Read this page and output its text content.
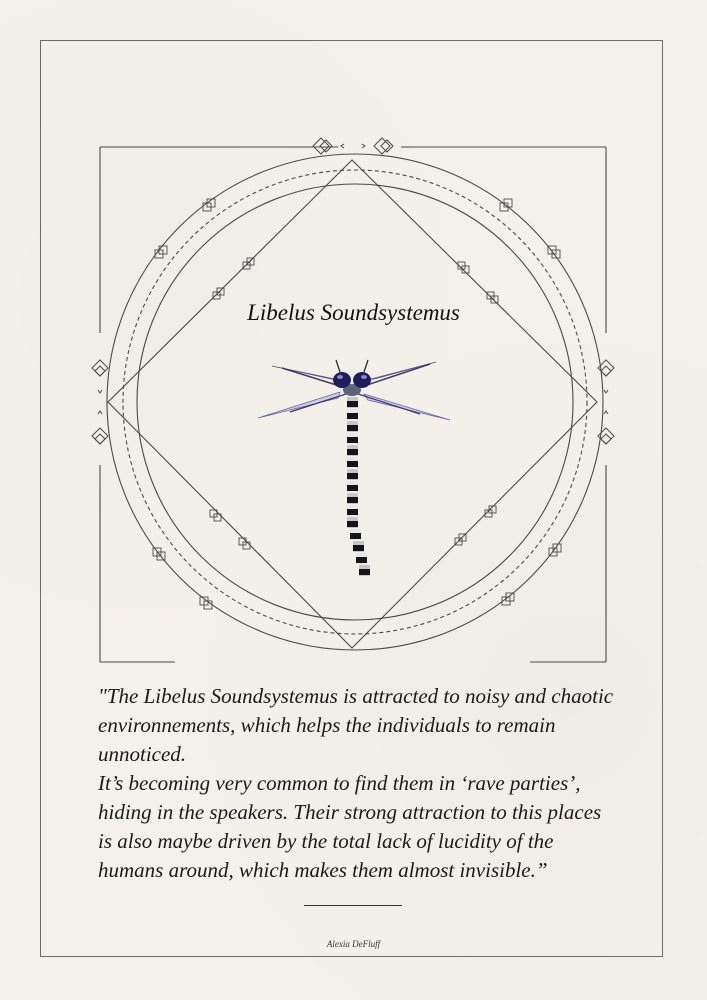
Libelus Soundsystemus

"The Libelus Soundsystemus is attracted to noisy and chaotic environnements, which helps the individuals to remain unnoticed.

It’s becoming very common to find them in ‘rave parties’, hiding in the speakers. Their strong attraction to this places is also maybe driven by the total lack of lucidity of the humans around, which makes them almost invisible.”

Alexia DeFluff
